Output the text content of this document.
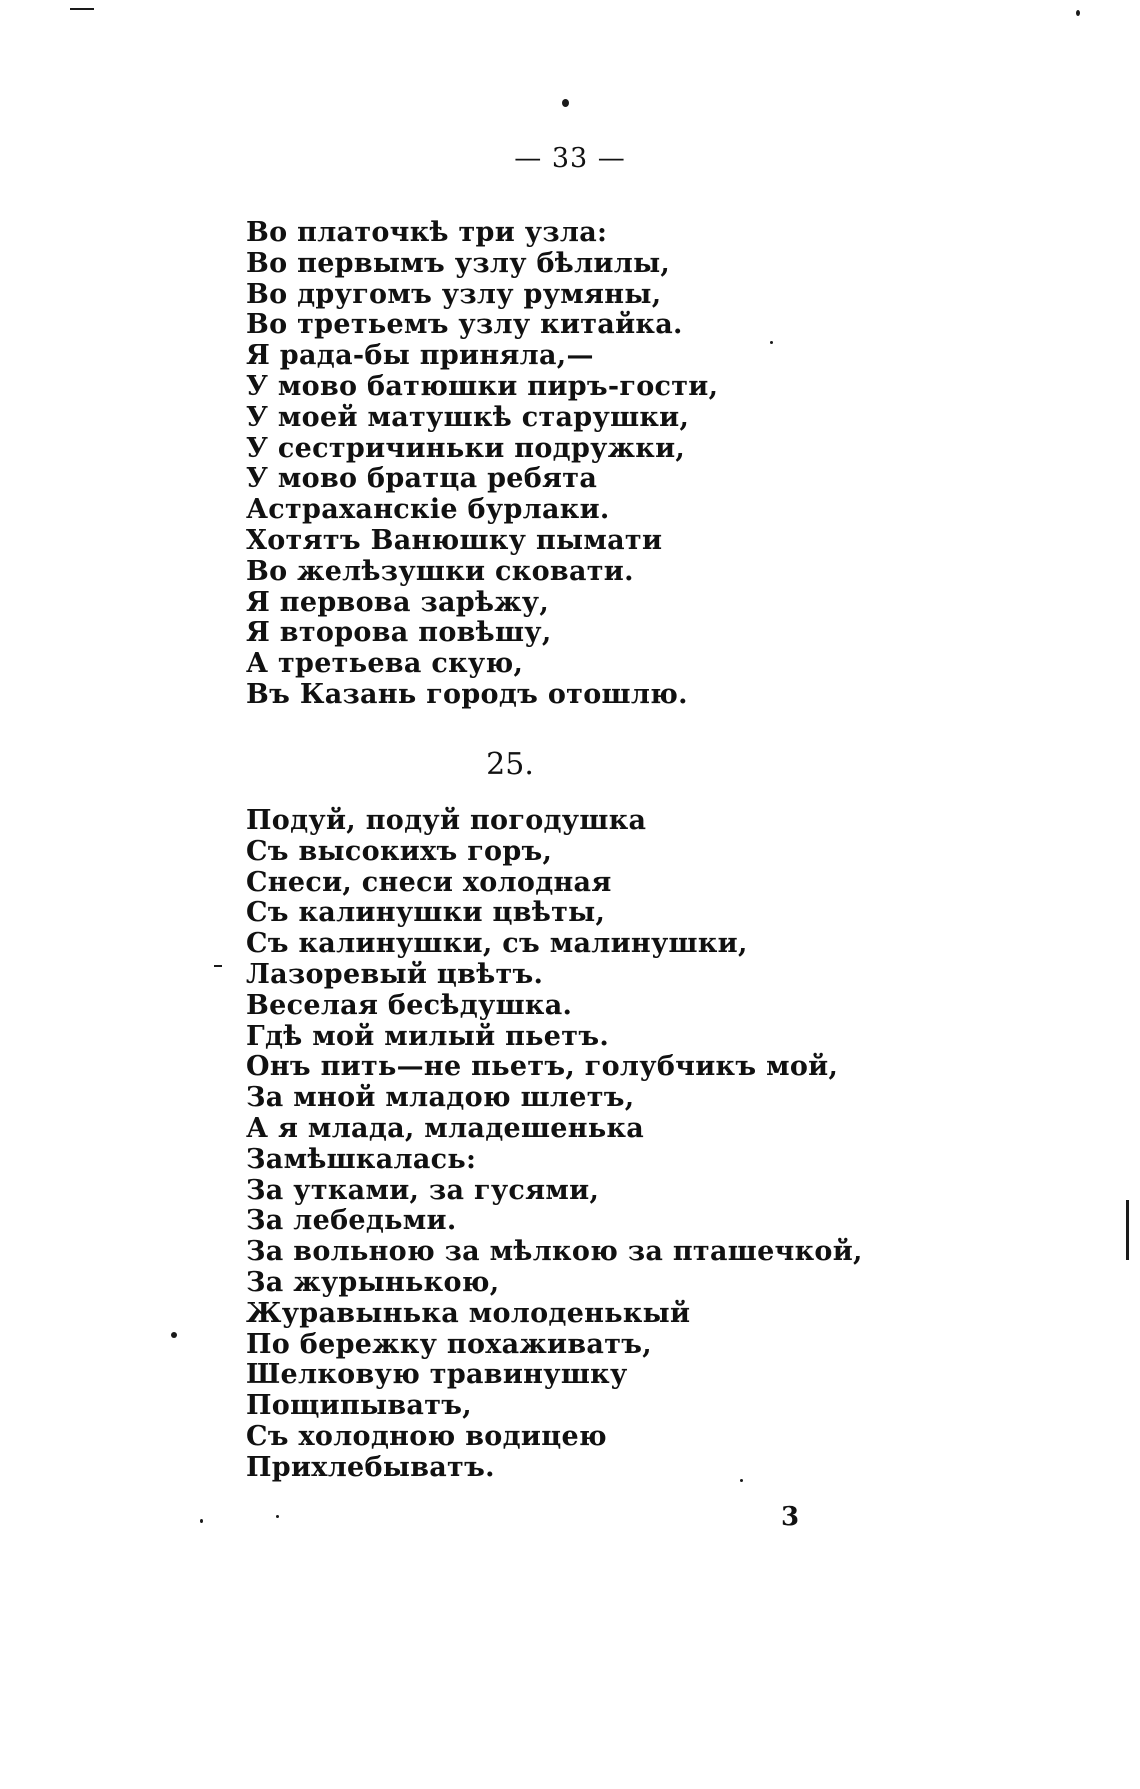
— 33 —
Во платочкѣ три узла:
Во первымъ узлу бѣлилы,
Во другомъ узлу румяны,
Во третьемъ узлу китайка.
Я рада-бы приняла,—
У мово батюшки пиръ-гости,
У моей матушкѣ старушки,
У сестричиньки подружки,
У мово братца ребята
Астраханскіе бурлаки.
Хотятъ Ванюшку пымати
Во желѣзушки сковати.
Я первова зарѣжу,
Я второва повѣшу,
А третьева скую,
Въ Казань городъ отошлю.
25.
Подуй, подуй погодушка
Съ высокихъ горъ,
Снеси, снеси холодная
Съ калинушки цвѣты,
Съ калинушки, съ малинушки,
Лазоревый цвѣтъ.
Веселая бесѣдушка.
Гдѣ мой милый пьетъ.
Онъ пить—не пьетъ, голубчикъ мой,
За мной младою шлетъ,
А я млада, младешенька
Замѣшкалась:
За утками, за гусями,
За лебедьми.
За вольною за мѣлкою за пташечкой,
За журынькою,
Журавынька молоденькый
По бережку похаживатъ,
Шелковую травинушку
Пощипыватъ,
Съ холодною водицею
Прихлебыватъ.
3
